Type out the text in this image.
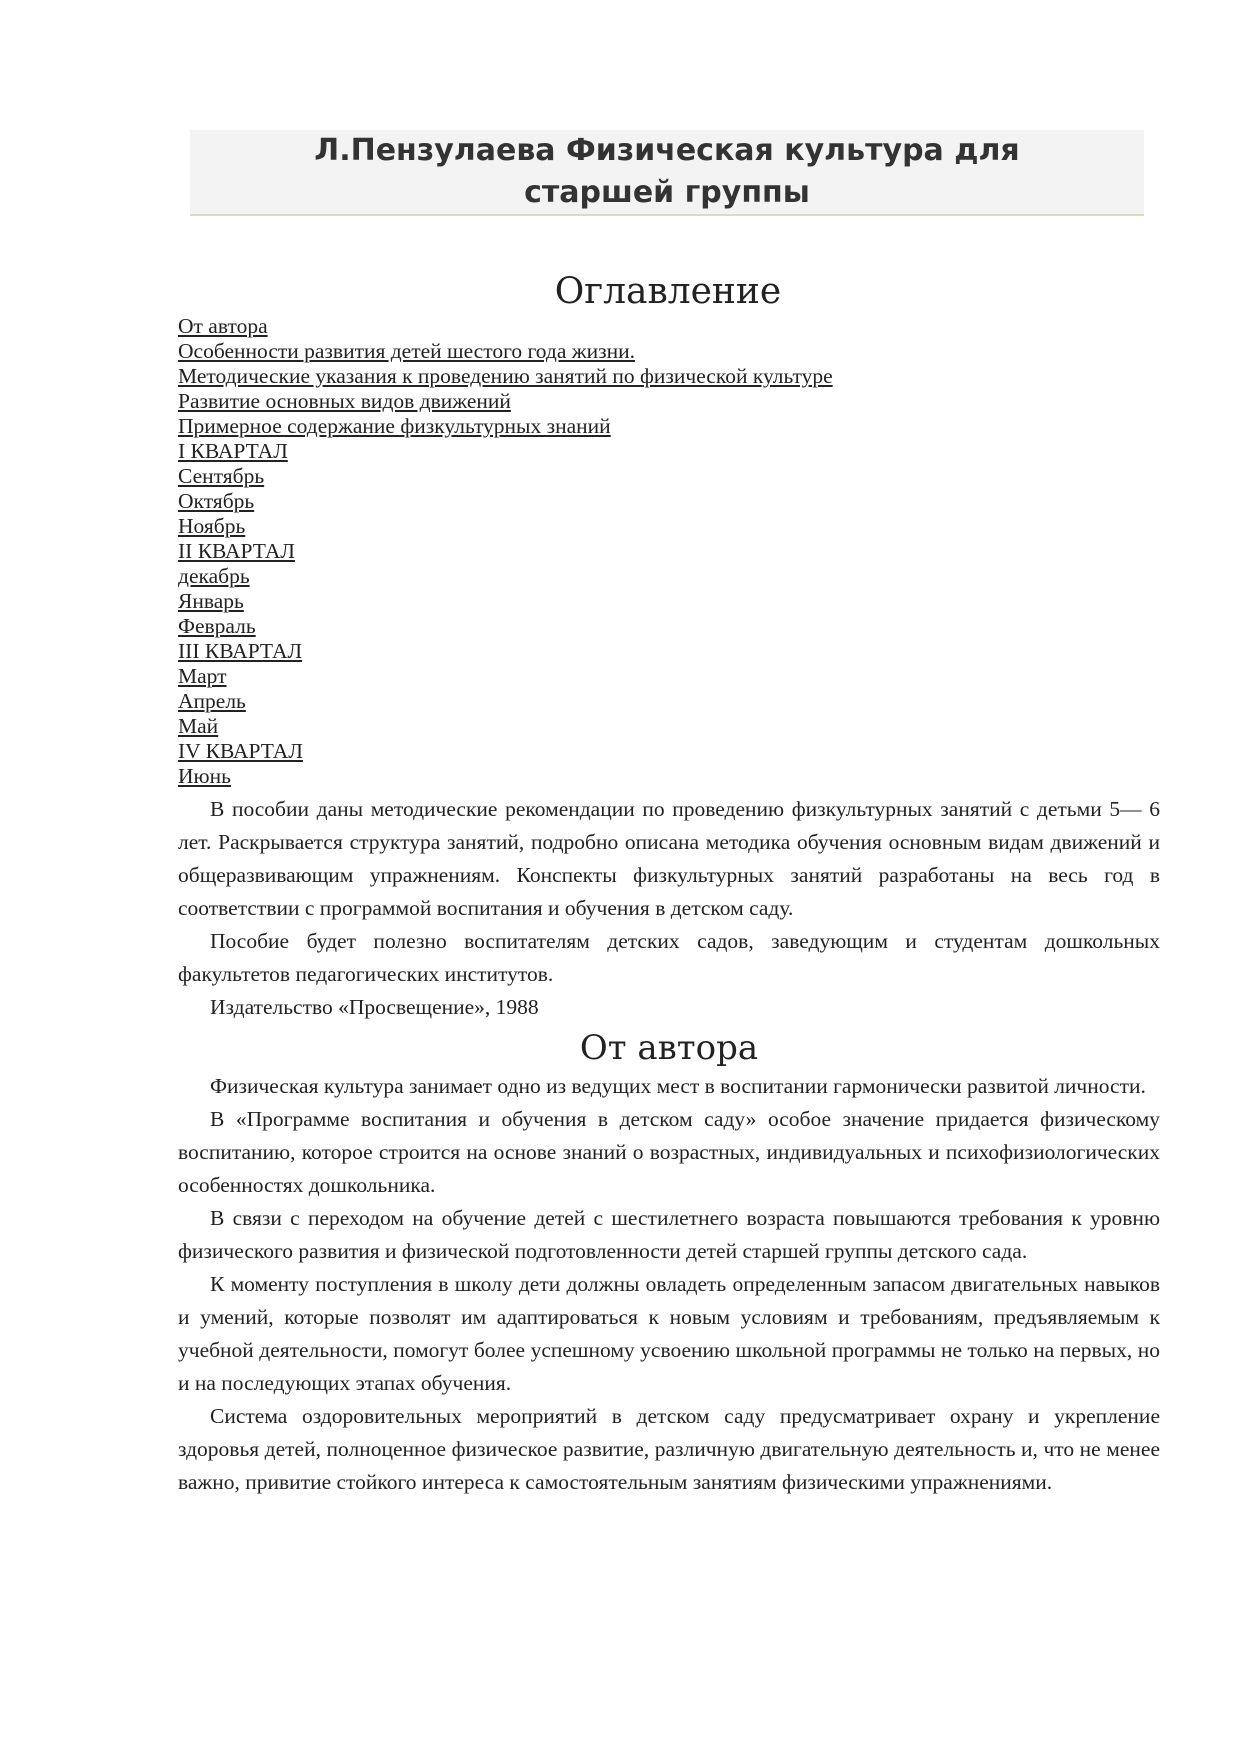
Л.Пензулаева Физическая культура для старшей группы
Оглавление
От автора
Особенности развития детей шестого года жизни.
Методические указания к проведению занятий по физической культуре
Развитие основных видов движений
Примерное содержание физкультурных знаний
I КВАРТАЛ
Сентябрь
Октябрь
Ноябрь
II КВАРТАЛ
декабрь
Январь
Февраль
III КВАРТАЛ
Март
Апрель
Май
IV КВАРТАЛ
Июнь

В пособии даны методические рекомендации по проведению физкультурных занятий с детьми 5— 6 лет. Раскрывается структура занятий, подробно описана методика обучения основным видам движений и общеразвивающим упражнениям. Конспекты физкультурных занятий разработаны на весь год в соответствии с программой воспитания и обучения в детском саду.

Пособие будет полезно воспитателям детских садов, заведующим и студентам дошкольных факультетов педагогических институтов.

Издательство «Просвещение», 1988

От автора

Физическая культура занимает одно из ведущих мест в воспитании гармонически развитой личности.

В «Программе воспитания и обучения в детском саду» особое значение придается физическому воспитанию, которое строится на основе знаний о возрастных, индивидуальных и психофизиологических особенностях дошкольника.

В связи с переходом на обучение детей с шестилетнего возраста повышаются требования к уровню физического развития и физической подготовленности детей старшей группы детского сада.

К моменту поступления в школу дети должны овладеть определенным запасом двигательных навыков и умений, которые позволят им адаптироваться к новым условиям и требованиям, предъявляемым к учебной деятельности, помогут более успешному усвоению школьной программы не только на первых, но и на последующих этапах обучения.

Система оздоровительных мероприятий в детском саду предусматривает охрану и укрепление здоровья детей, полноценное физическое развитие, различную двигательную деятельность и, что не менее важно, привитие стойкого интереса к самостоятельным занятиям физическими упражнениями.
